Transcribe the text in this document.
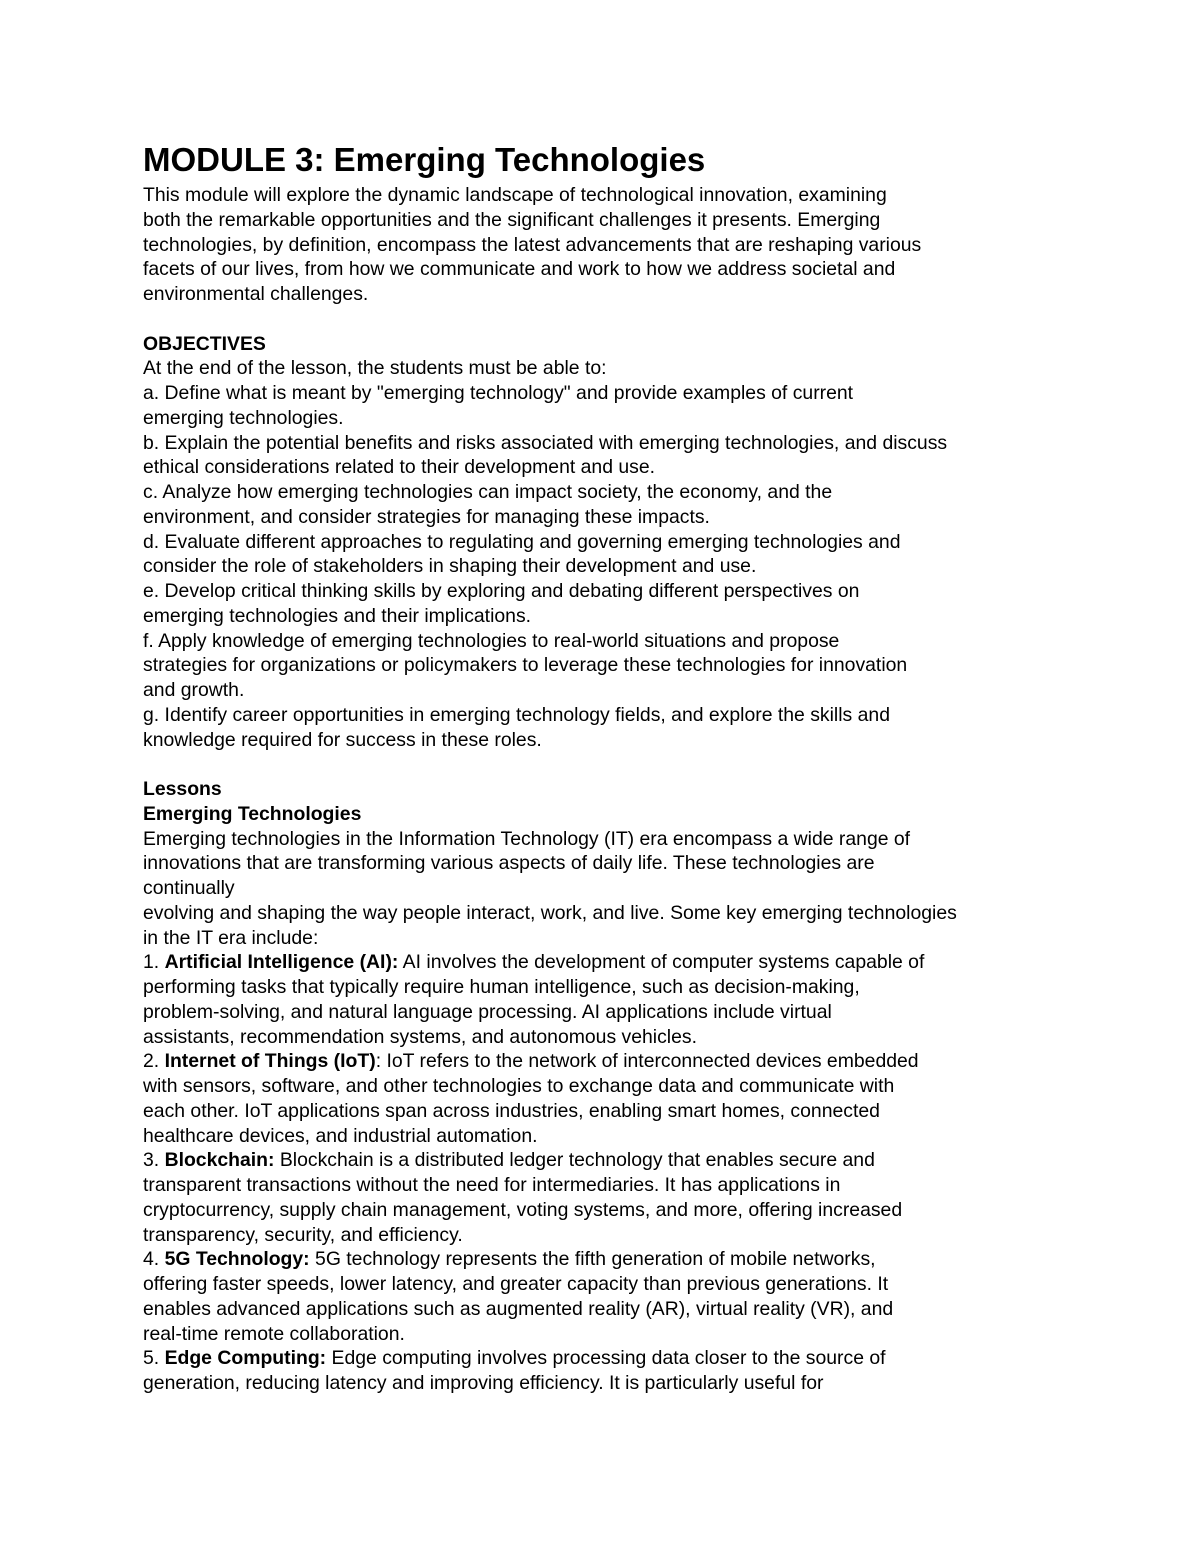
MODULE 3: Emerging Technologies

This module will explore the dynamic landscape of technological innovation, examining
both the remarkable opportunities and the significant challenges it presents. Emerging
technologies, by definition, encompass the latest advancements that are reshaping various
facets of our lives, from how we communicate and work to how we address societal and
environmental challenges.

OBJECTIVES
At the end of the lesson, the students must be able to:
a. Define what is meant by "emerging technology" and provide examples of current
emerging technologies.
b. Explain the potential benefits and risks associated with emerging technologies, and discuss
ethical considerations related to their development and use.
c. Analyze how emerging technologies can impact society, the economy, and the
environment, and consider strategies for managing these impacts.
d. Evaluate different approaches to regulating and governing emerging technologies and
consider the role of stakeholders in shaping their development and use.
e. Develop critical thinking skills by exploring and debating different perspectives on
emerging technologies and their implications.
f. Apply knowledge of emerging technologies to real-world situations and propose
strategies for organizations or policymakers to leverage these technologies for innovation
and growth.
g. Identify career opportunities in emerging technology fields, and explore the skills and
knowledge required for success in these roles.
Lessons
Emerging Technologies
Emerging technologies in the Information Technology (IT) era encompass a wide range of
innovations that are transforming various aspects of daily life. These technologies are
continually
evolving and shaping the way people interact, work, and live. Some key emerging technologies
in the IT era include:
1. Artificial Intelligence (AI): AI involves the development of computer systems capable of
performing tasks that typically require human intelligence, such as decision-making,
problem-solving, and natural language processing. AI applications include virtual
assistants, recommendation systems, and autonomous vehicles.
2. Internet of Things (IoT): IoT refers to the network of interconnected devices embedded
with sensors, software, and other technologies to exchange data and communicate with
each other. IoT applications span across industries, enabling smart homes, connected
healthcare devices, and industrial automation.
3. Blockchain: Blockchain is a distributed ledger technology that enables secure and
transparent transactions without the need for intermediaries. It has applications in
cryptocurrency, supply chain management, voting systems, and more, offering increased
transparency, security, and efficiency.
4. 5G Technology: 5G technology represents the fifth generation of mobile networks,
offering faster speeds, lower latency, and greater capacity than previous generations. It
enables advanced applications such as augmented reality (AR), virtual reality (VR), and
real-time remote collaboration.
5. Edge Computing: Edge computing involves processing data closer to the source of
generation, reducing latency and improving efficiency. It is particularly useful for
